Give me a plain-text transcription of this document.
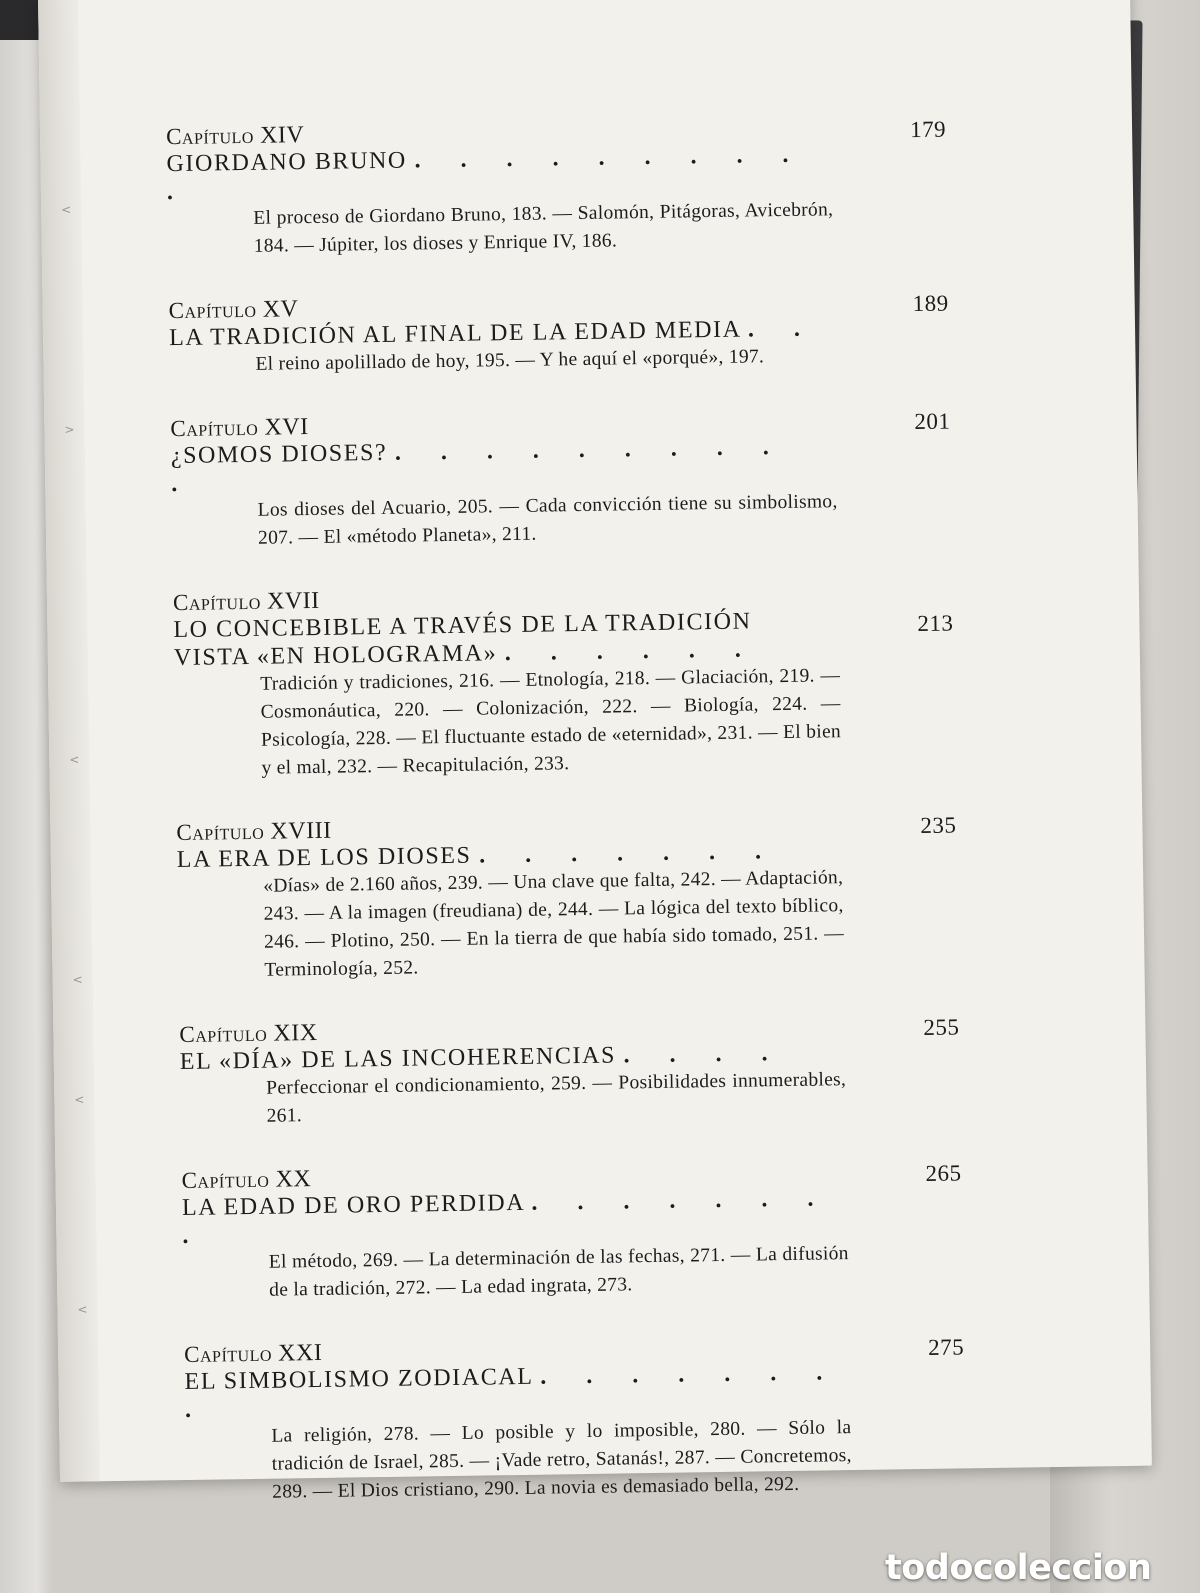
<
>
<
<
<
<
Capítulo XIV
GIORDANO BRUNO . . . . . . . . . .
179
El proceso de Giordano Bruno, 183. — Salomón, Pitágoras, Avicebrón, 184. — Júpiter, los dioses y Enrique IV, 186.
Capítulo XV
LA TRADICIÓN AL FINAL DE LA EDAD MEDIA . .
189
El reino apolillado de hoy, 195. — Y he aquí el «porqué», 197.
Capítulo XVI
¿SOMOS DIOSES? . . . . . . . . . .
201
Los dioses del Acuario, 205. — Cada convicción tiene su simbolismo, 207. — El «método Planeta», 211.
Capítulo XVII
LO CONCEBIBLE A TRAVÉS DE LA TRADICIÓN VISTA «EN HOLOGRAMA» . . . . . .
213
Tradición y tradiciones, 216. — Etnología, 218. — Glaciación, 219. — Cosmonáutica, 220. — Colonización, 222. — Biología, 224. — Psicología, 228. — El fluctuante estado de «eternidad», 231. — El bien y el mal, 232. — Recapitulación, 233.
Capítulo XVIII
LA ERA DE LOS DIOSES . . . . . . .
235
«Días» de 2.160 años, 239. — Una clave que falta, 242. — Adaptación, 243. — A la imagen (freudiana) de, 244. — La lógica del texto bíblico, 246. — Plotino, 250. — En la tierra de que había sido tomado, 251. — Terminología, 252.
Capítulo XIX
EL «DÍA» DE LAS INCOHERENCIAS . . . .
255
Perfeccionar el condicionamiento, 259. — Posibilidades innumerables, 261.
Capítulo XX
LA EDAD DE ORO PERDIDA . . . . . . . .
265
El método, 269. — La determinación de las fechas, 271. — La difusión de la tradición, 272. — La edad ingrata, 273.
Capítulo XXI
EL SIMBOLISMO ZODIACAL . . . . . . . .
275
La religión, 278. — Lo posible y lo imposible, 280. — Sólo la tradición de Israel, 285. — ¡Vade retro, Satanás!, 287. — Concretemos, 289. — El Dios cristiano, 290. La novia es demasiado bella, 292.
todocoleccion
